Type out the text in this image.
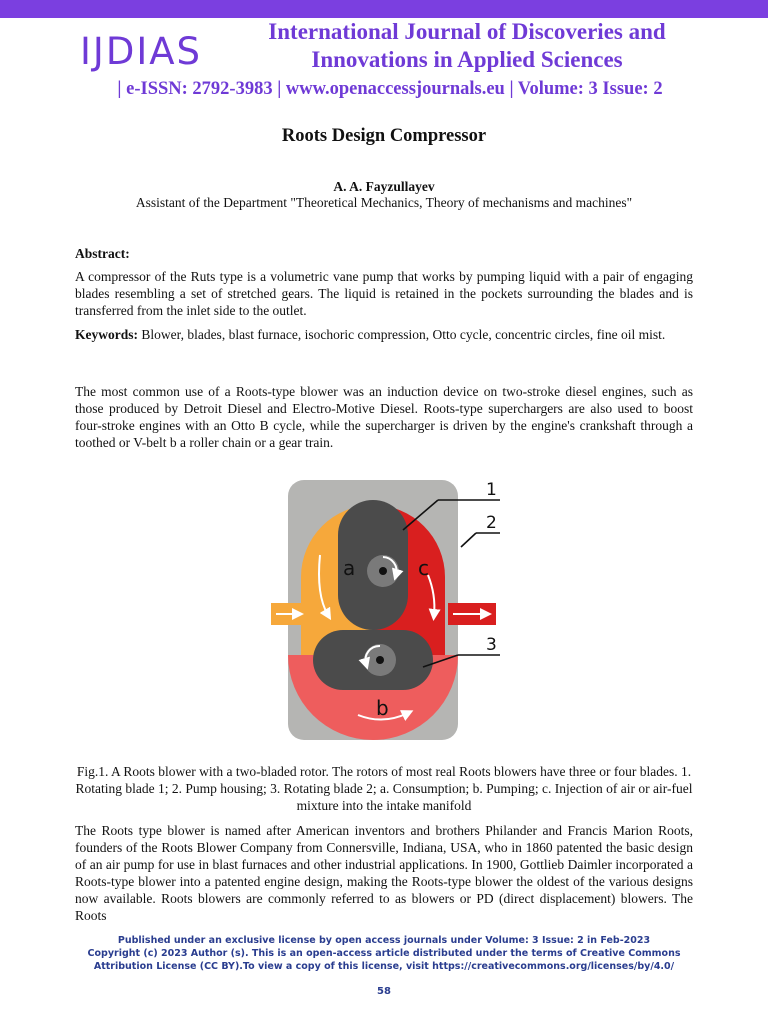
IJDIAS	International Journal of Discoveries and
Innovations in Applied Sciences
| e-ISSN: 2792-3983 | www.openaccessjournals.eu | Volume: 3 Issue: 2
Roots Design Compressor
A. A. Fayzullayev
Assistant of the Department "Theoretical Mechanics, Theory of mechanisms and machines"
Abstract:
A compressor of the Ruts type is a volumetric vane pump that works by pumping liquid with a pair of engaging blades resembling a set of stretched gears. The liquid is retained in the pockets surrounding the blades and is transferred from the inlet side to the outlet.
Keywords: Blower, blades, blast furnace, isochoric compression, Otto cycle, concentric circles, fine oil mist.
The most common use of a Roots-type blower was an induction device on two-stroke diesel engines, such as those produced by Detroit Diesel and Electro-Motive Diesel. Roots-type superchargers are also used to boost four-stroke engines with an Otto B cycle, while the supercharger is driven by the engine's crankshaft through a toothed or V-belt b a roller chain or a gear train.
a	c
b
1
2
3
Fig.1. A Roots blower with a two-bladed rotor. The rotors of most real Roots blowers have three or four blades. 1. Rotating blade 1; 2. Pump housing; 3. Rotating blade 2; a. Consumption; b. Pumping; c. Injection of air or air-fuel mixture into the intake manifold
The Roots type blower is named after American inventors and brothers Philander and Francis Marion Roots, founders of the Roots Blower Company from Connersville, Indiana, USA, who in 1860 patented the basic design of an air pump for use in blast furnaces and other industrial applications. In 1900, Gottlieb Daimler incorporated a Roots-type blower into a patented engine design, making the Roots-type blower the oldest of the various designs now available. Roots blowers are commonly referred to as blowers or PD (direct displacement) blowers. The Roots
Published under an exclusive license by open access journals under Volume: 3 Issue: 2 in Feb-2023
Copyright (c) 2023 Author (s). This is an open-access article distributed under the terms of Creative Commons
Attribution License (CC BY).To view a copy of this license, visit https://creativecommons.org/licenses/by/4.0/
58
